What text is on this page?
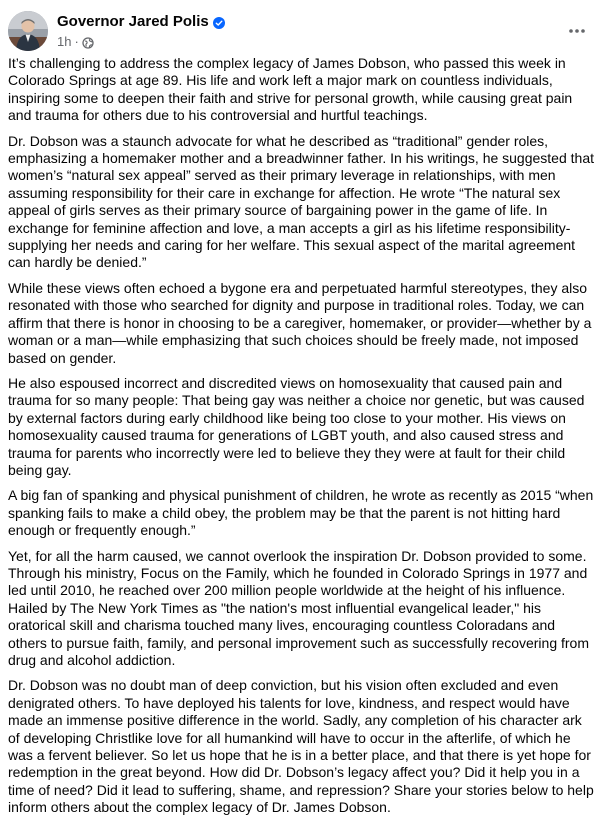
Governor Jared Polis
1h ·

It’s challenging to address the complex legacy of James Dobson, who passed this week in Colorado Springs at age 89. His life and work left a major mark on countless individuals, inspiring some to deepen their faith and strive for personal growth, while causing great pain and trauma for others due to his controversial and hurtful teachings.

Dr. Dobson was a staunch advocate for what he described as “traditional” gender roles, emphasizing a homemaker mother and a breadwinner father. In his writings, he suggested that women’s “natural sex appeal” served as their primary leverage in relationships, with men assuming responsibility for their care in exchange for affection. He wrote “The natural sex appeal of girls serves as their primary source of bargaining power in the game of life. In exchange for feminine affection and love, a man accepts a girl as his lifetime responsibility-supplying her needs and caring for her welfare. This sexual aspect of the marital agreement can hardly be denied.”

While these views often echoed a bygone era and perpetuated harmful stereotypes, they also resonated with those who searched for dignity and purpose in traditional roles. Today, we can affirm that there is honor in choosing to be a caregiver, homemaker, or provider—whether by a woman or a man—while emphasizing that such choices should be freely made, not imposed based on gender.

He also espoused incorrect and discredited views on homosexuality that caused pain and trauma for so many people: That being gay was neither a choice nor genetic, but was caused by external factors during early childhood like being too close to your mother. His views on homosexuality caused trauma for generations of LGBT youth, and also caused stress and trauma for parents who incorrectly were led to believe they they were at fault for their child being gay.

A big fan of spanking and physical punishment of children, he wrote as recently as 2015 “when spanking fails to make a child obey, the problem may be that the parent is not hitting hard enough or frequently enough.”

Yet, for all the harm caused, we cannot overlook the inspiration Dr. Dobson provided to some. Through his ministry, Focus on the Family, which he founded in Colorado Springs in 1977 and led until 2010, he reached over 200 million people worldwide at the height of his influence. Hailed by The New York Times as "the nation's most influential evangelical leader," his oratorical skill and charisma touched many lives, encouraging countless Coloradans and others to pursue faith, family, and personal improvement such as successfully recovering from drug and alcohol addiction.

Dr. Dobson was no doubt man of deep conviction, but his vision often excluded and even denigrated others. To have deployed his talents for love, kindness, and respect would have made an immense positive difference in the world. Sadly, any completion of his character ark of developing Christlike love for all humankind will have to occur in the afterlife, of which he was a fervent believer. So let us hope that he is in a better place, and that there is yet hope for redemption in the great beyond. How did Dr. Dobson’s legacy affect you? Did it help you in a time of need? Did it lead to suffering, shame, and repression? Share your stories below to help inform others about the complex legacy of Dr. James Dobson.
